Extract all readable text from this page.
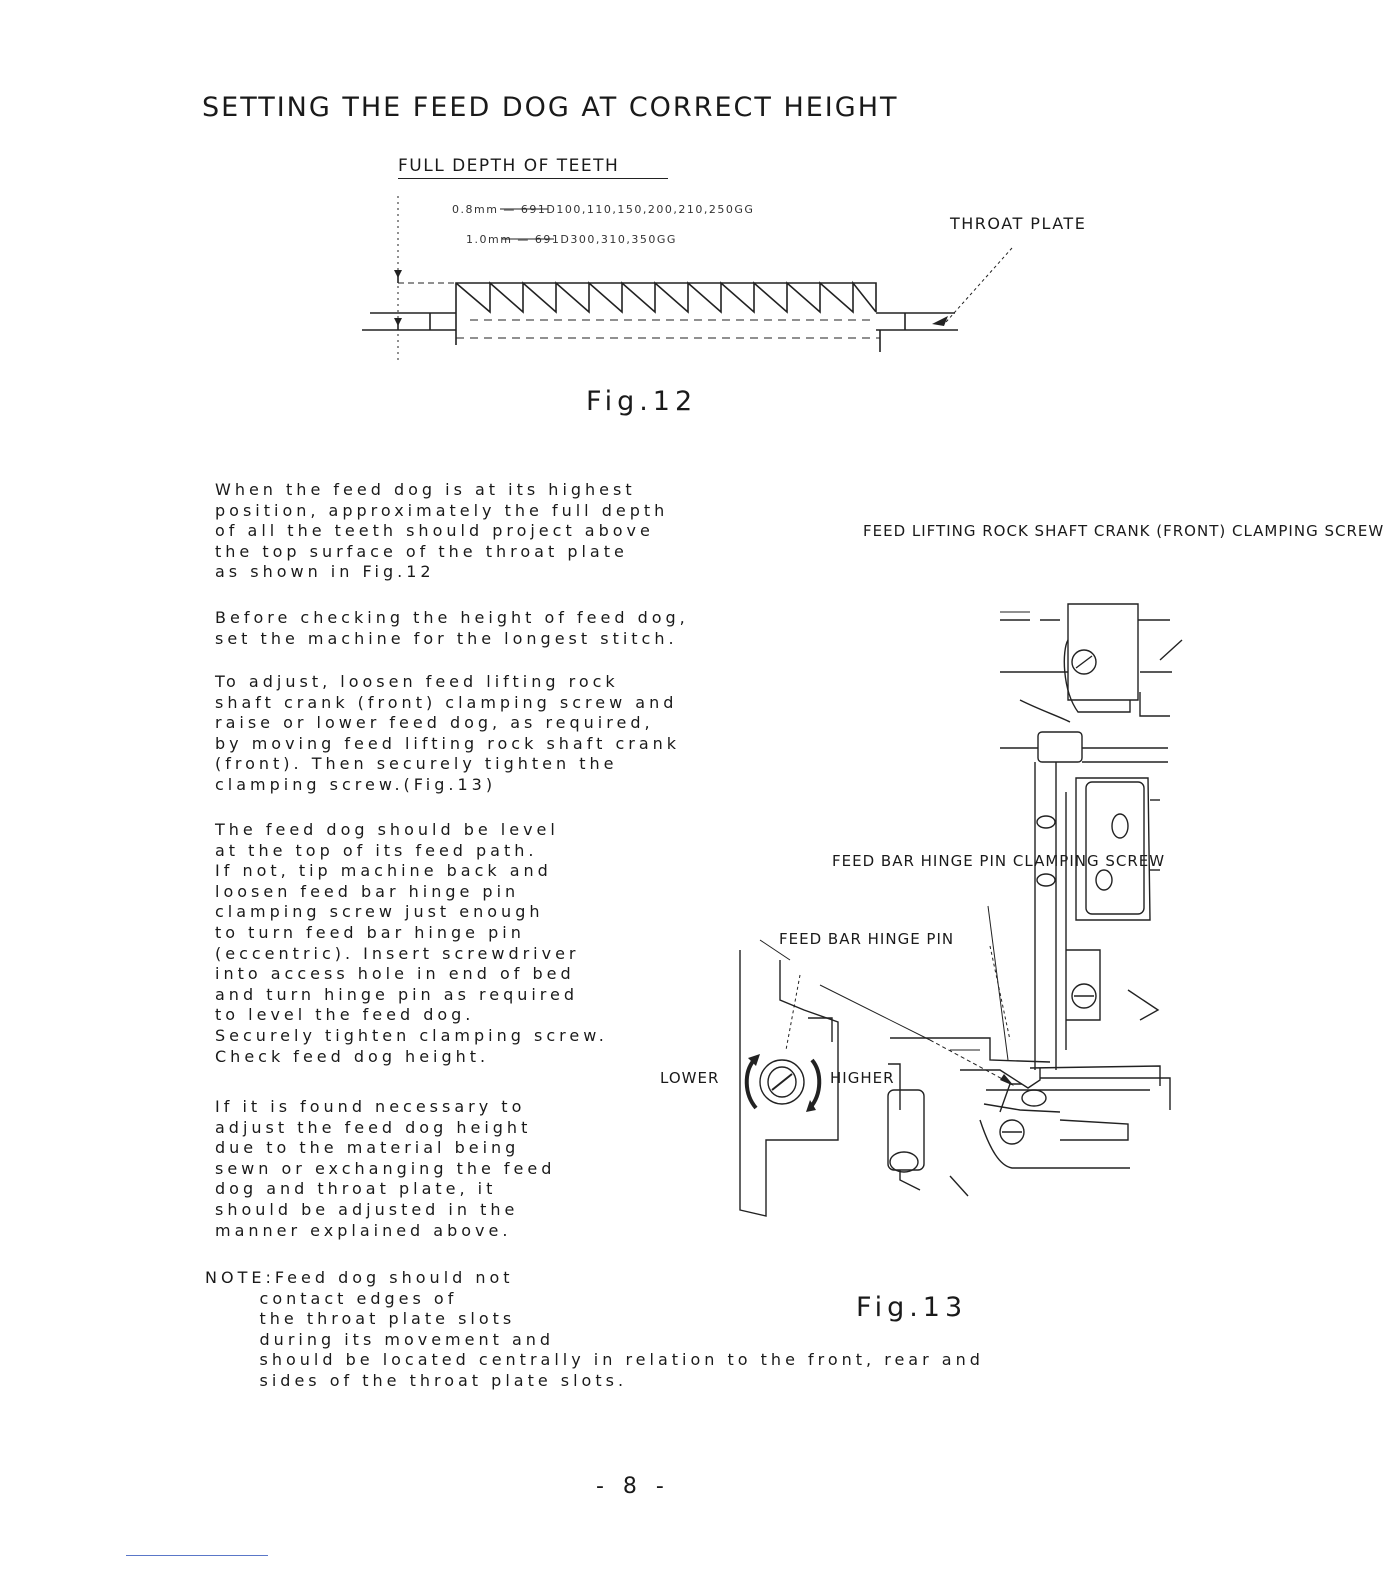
SETTING THE FEED DOG AT CORRECT HEIGHT
FULL DEPTH OF TEETH
0.8mm — 691D100,110,150,200,210,250GG
1.0mm — 691D300,310,350GG
THROAT PLATE
Fig.12
When the feed dog is at its highest
position, approximately the full depth
of all the teeth should project above
the top surface of the throat plate
as shown in Fig.12
Before checking the height of feed dog,
set the machine for the longest stitch.
To adjust, loosen feed lifting rock
shaft crank (front) clamping screw and
raise or lower feed dog, as required,
by moving feed lifting rock shaft crank
(front). Then securely tighten the
clamping screw.(Fig.13)
The feed dog should be level
at the top of its feed path.
If not, tip machine back and
loosen feed bar hinge pin
clamping screw just enough
to turn feed bar hinge pin
(eccentric). Insert screwdriver
into access hole in end of bed
and turn hinge pin as required
to level the feed dog.
Securely tighten clamping screw.
Check feed dog height.
If it is found necessary to
adjust the feed dog height
due to the material being
sewn or exchanging the feed
dog and throat plate, it
should be adjusted in the
manner explained above.
NOTE:Feed dog should not
contact edges of
the throat plate slots
during its movement and
should be located centrally in relation to the front, rear and
sides of the throat plate slots.
FEED LIFTING ROCK SHAFT CRANK (FRONT) CLAMPING SCREW
FEED BAR HINGE PIN CLAMPING SCREW
FEED BAR HINGE PIN
LOWER	HIGHER
Fig.13
- 8 -
